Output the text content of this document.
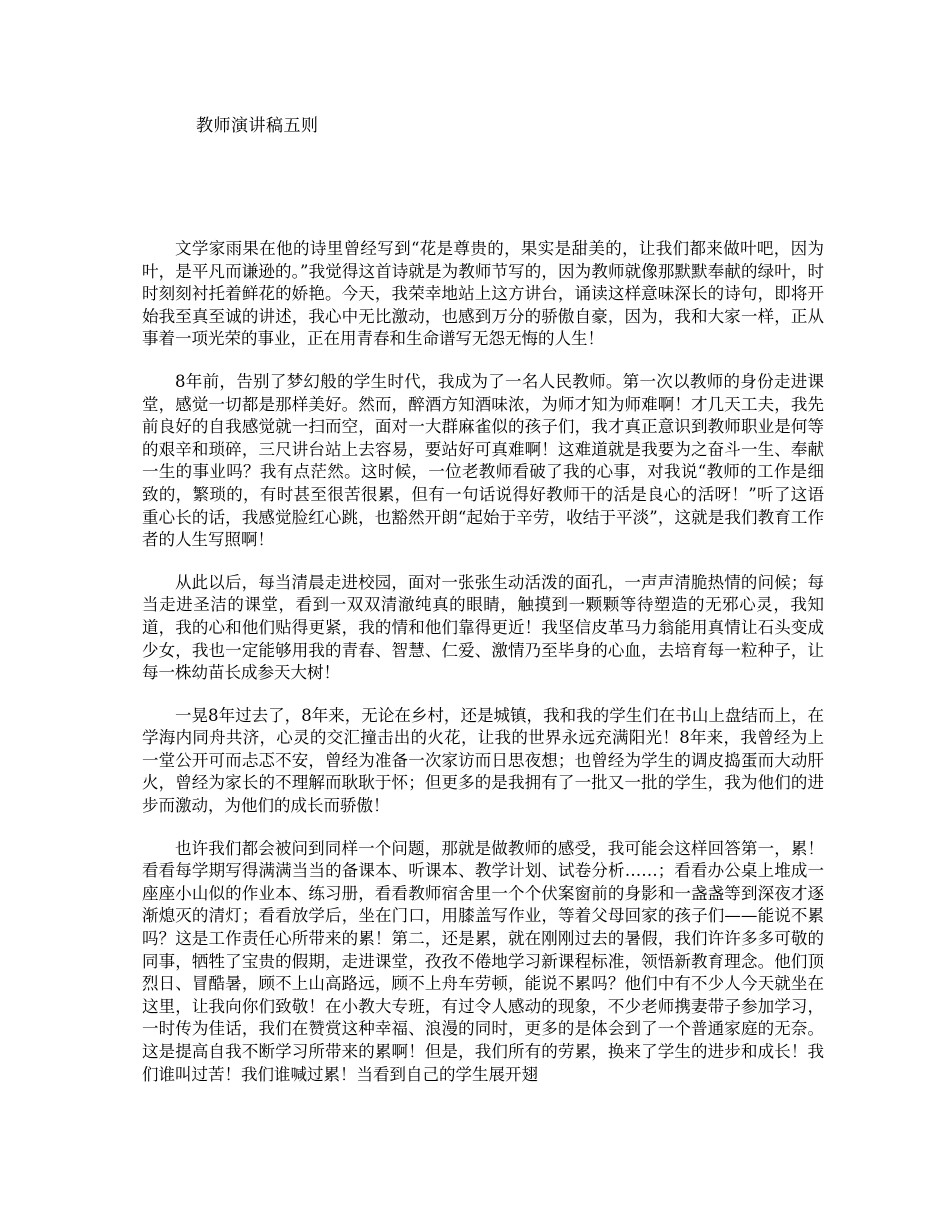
教师演讲稿五则

文学家雨果在他的诗里曾经写到“花是尊贵的，果实是甜美的，让我们都来做叶吧，因为叶，是平凡而谦逊的。”我觉得这首诗就是为教师节写的，因为教师就像那默默奉献的绿叶，时时刻刻衬托着鲜花的娇艳。今天，我荣幸地站上这方讲台，诵读这样意味深长的诗句，即将开始我至真至诚的讲述，我心中无比激动，也感到万分的骄傲自豪，因为，我和大家一样，正从事着一项光荣的事业，正在用青春和生命谱写无怨无悔的人生！

8年前，告别了梦幻般的学生时代，我成为了一名人民教师。第一次以教师的身份走进课堂，感觉一切都是那样美好。然而，醉酒方知酒味浓，为师才知为师难啊！才几天工夫，我先前良好的自我感觉就一扫而空，面对一大群麻雀似的孩子们，我才真正意识到教师职业是何等的艰辛和琐碎，三尺讲台站上去容易，要站好可真难啊！这难道就是我要为之奋斗一生、奉献一生的事业吗？我有点茫然。这时候，一位老教师看破了我的心事，对我说“教师的工作是细致的，繁琐的，有时甚至很苦很累，但有一句话说得好教师干的活是良心的活呀！”听了这语重心长的话，我感觉脸红心跳，也豁然开朗“起始于辛劳，收结于平淡”，这就是我们教育工作者的人生写照啊！

从此以后，每当清晨走进校园，面对一张张生动活泼的面孔，一声声清脆热情的问候；每当走进圣洁的课堂，看到一双双清澈纯真的眼睛，触摸到一颗颗等待塑造的无邪心灵，我知道，我的心和他们贴得更紧，我的情和他们靠得更近！我坚信皮革马力翁能用真情让石头变成少女，我也一定能够用我的青春、智慧、仁爱、激情乃至毕身的心血，去培育每一粒种子，让每一株幼苗长成参天大树！

一晃8年过去了，8年来，无论在乡村，还是城镇，我和我的学生们在书山上盘结而上，在学海内同舟共济，心灵的交汇撞击出的火花，让我的世界永远充满阳光！8年来，我曾经为上一堂公开可而忐忑不安，曾经为准备一次家访而日思夜想；也曾经为学生的调皮捣蛋而大动肝火，曾经为家长的不理解而耿耿于怀；但更多的是我拥有了一批又一批的学生，我为他们的进步而激动，为他们的成长而骄傲！

也许我们都会被问到同样一个问题，那就是做教师的感受，我可能会这样回答第一，累！看看每学期写得满满当当的备课本、听课本、教学计划、试卷分析……；看看办公桌上堆成一座座小山似的作业本、练习册，看看教师宿舍里一个个伏案窗前的身影和一盏盏等到深夜才逐渐熄灭的清灯；看看放学后，坐在门口，用膝盖写作业，等着父母回家的孩子们——能说不累吗？这是工作责任心所带来的累！第二，还是累，就在刚刚过去的暑假，我们许许多多可敬的同事，牺牲了宝贵的假期，走进课堂，孜孜不倦地学习新课程标准，领悟新教育理念。他们顶烈日、冒酷暑，顾不上山高路远，顾不上舟车劳顿，能说不累吗？他们中有不少人今天就坐在这里，让我向你们致敬！在小教大专班，有过令人感动的现象，不少老师携妻带子参加学习，一时传为佳话，我们在赞赏这种幸福、浪漫的同时，更多的是体会到了一个普通家庭的无奈。这是提高自我不断学习所带来的累啊！但是，我们所有的劳累，换来了学生的进步和成长！我们谁叫过苦！我们谁喊过累！当看到自己的学生展开翅
